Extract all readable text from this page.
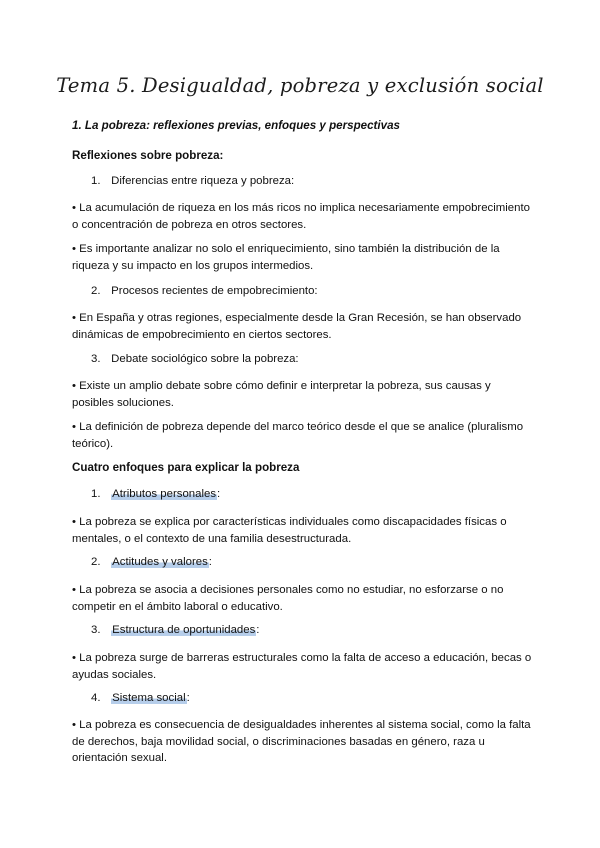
Tema 5. Desigualdad, pobreza y exclusión social
1. La pobreza: reflexiones previas, enfoques y perspectivas
Reflexiones sobre pobreza:
1. Diferencias entre riqueza y pobreza:
• La acumulación de riqueza en los más ricos no implica necesariamente empobrecimiento o concentración de pobreza en otros sectores.
• Es importante analizar no solo el enriquecimiento, sino también la distribución de la riqueza y su impacto en los grupos intermedios.
2. Procesos recientes de empobrecimiento:
• En España y otras regiones, especialmente desde la Gran Recesión, se han observado dinámicas de empobrecimiento en ciertos sectores.
3. Debate sociológico sobre la pobreza:
• Existe un amplio debate sobre cómo definir e interpretar la pobreza, sus causas y posibles soluciones.
• La definición de pobreza depende del marco teórico desde el que se analice (pluralismo teórico).
Cuatro enfoques para explicar la pobreza
1. Atributos personales:
• La pobreza se explica por características individuales como discapacidades físicas o mentales, o el contexto de una familia desestructurada.
2. Actitudes y valores:
• La pobreza se asocia a decisiones personales como no estudiar, no esforzarse o no competir en el ámbito laboral o educativo.
3. Estructura de oportunidades:
• La pobreza surge de barreras estructurales como la falta de acceso a educación, becas o ayudas sociales.
4. Sistema social:
• La pobreza es consecuencia de desigualdades inherentes al sistema social, como la falta de derechos, baja movilidad social, o discriminaciones basadas en género, raza u orientación sexual.
